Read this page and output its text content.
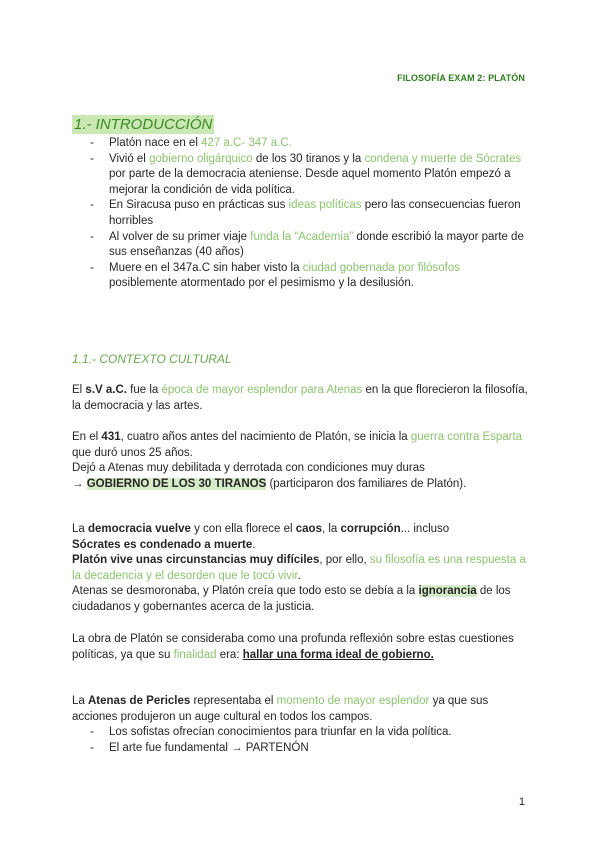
FILOSOFÍA EXAM 2: PLATÓN
1.- INTRODUCCIÓN
- Platón nace en el 427 a.C- 347 a.C.
- Vivió el gobierno oligárquico de los 30 tiranos y la condena y muerte de Sócrates por parte de la democracia ateniense. Desde aquel momento Platón empezó a mejorar la condición de vida política.
- En Siracusa puso en prácticas sus ideas políticas pero las consecuencias fueron horribles
- Al volver de su primer viaje funda la “Academia” donde escribió la mayor parte de sus enseñanzas (40 años)
- Muere en el 347a.C sin haber visto la ciudad gobernada por filósofos posiblemente atormentado por el pesimismo y la desilusión.
1.1.- CONTEXTO CULTURAL
El s.V a.C. fue la época de mayor esplendor para Atenas en la que florecieron la filosofía, la democracia y las artes.
En el 431, cuatro años antes del nacimiento de Platón, se inicia la guerra contra Esparta que duró unos 25 años.
Dejó a Atenas muy debilitada y derrotada con condiciones muy duras
→ GOBIERNO DE LOS 30 TIRANOS (participaron dos familiares de Platón).
La democracia vuelve y con ella florece el caos, la corrupción... incluso
Sócrates es condenado a muerte.
Platón vive unas circunstancias muy difíciles, por ello, su filosofía es una respuesta a la decadencia y el desorden que le tocó vivir.
Atenas se desmoronaba, y Platón creía que todo esto se debía a la ignorancia de los ciudadanos y gobernantes acerca de la justicia.
La obra de Platón se consideraba como una profunda reflexión sobre estas cuestiones políticas, ya que su finalidad era: hallar una forma ideal de gobierno.
La Atenas de Pericles representaba el momento de mayor esplendor ya que sus acciones produjeron un auge cultural en todos los campos.
- Los sofistas ofrecían conocimientos para triunfar en la vida política.
- El arte fue fundamental → PARTENÓN
1
